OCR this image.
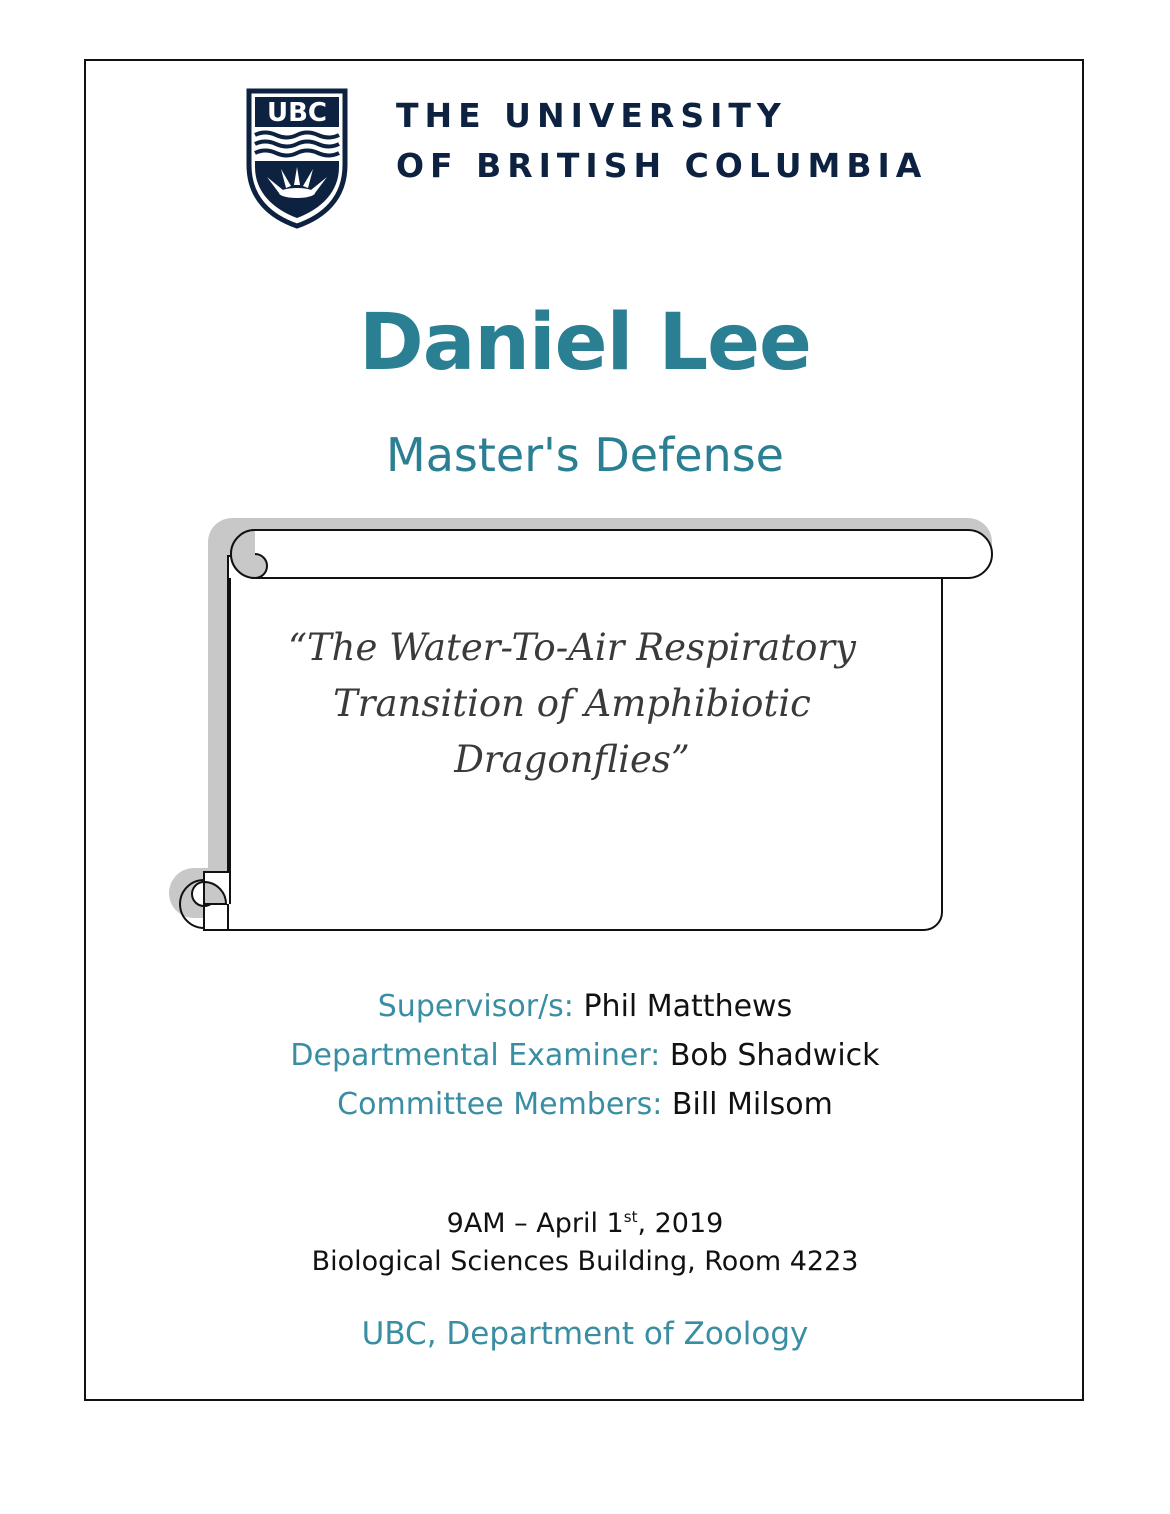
UBC THE UNIVERSITY
OF BRITISH COLUMBIA
Daniel Lee
Master's Defense
“The Water-To-Air Respiratory
Transition of Amphibiotic
Dragonflies”
Supervisor/s: Phil Matthews
Departmental Examiner: Bob Shadwick
Committee Members: Bill Milsom
9AM – April 1st, 2019
Biological Sciences Building, Room 4223
UBC, Department of Zoology
